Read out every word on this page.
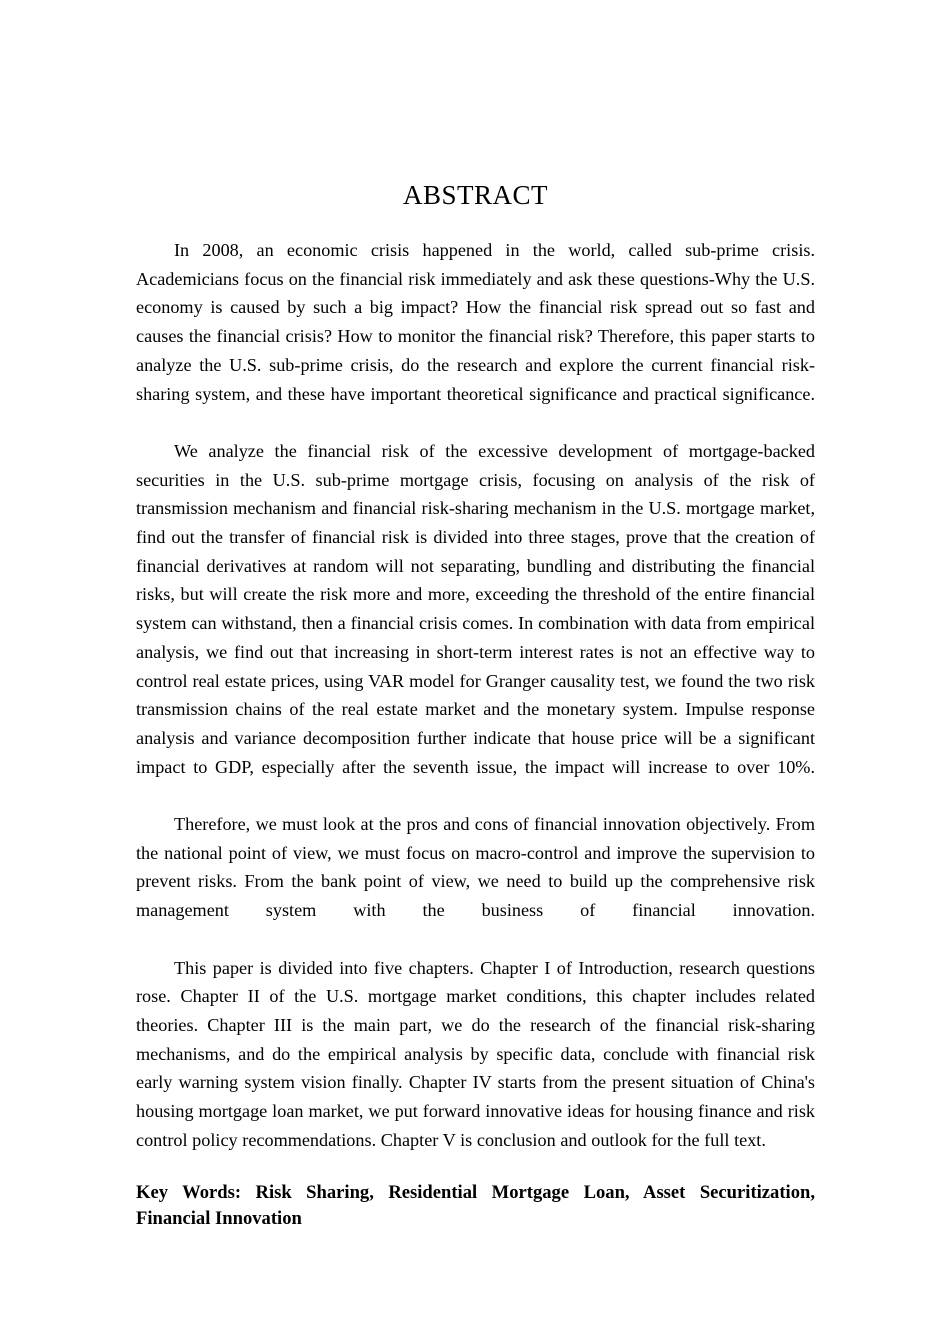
ABSTRACT

In 2008, an economic crisis happened in the world, called sub-prime crisis. Academicians focus on the financial risk immediately and ask these questions-Why the U.S. economy is caused by such a big impact? How the financial risk spread out so fast and causes the financial crisis? How to monitor the financial risk? Therefore, this paper starts to analyze the U.S. sub-prime crisis, do the research and explore the current financial risk-sharing system, and these have important theoretical significance and practical significance.

We analyze the financial risk of the excessive development of mortgage-backed securities in the U.S. sub-prime mortgage crisis, focusing on analysis of the risk of transmission mechanism and financial risk-sharing mechanism in the U.S. mortgage market, find out the transfer of financial risk is divided into three stages, prove that the creation of financial derivatives at random will not separating, bundling and distributing the financial risks, but will create the risk more and more, exceeding the threshold of the entire financial system can withstand, then a financial crisis comes. In combination with data from empirical analysis, we find out that increasing in short-term interest rates is not an effective way to control real estate prices, using VAR model for Granger causality test, we found the two risk transmission chains of the real estate market and the monetary system. Impulse response analysis and variance decomposition further indicate that house price will be a significant impact to GDP, especially after the seventh issue, the impact will increase to over 10%.

Therefore, we must look at the pros and cons of financial innovation objectively. From the national point of view, we must focus on macro-control and improve the supervision to prevent risks. From the bank point of view, we need to build up the comprehensive risk management system with the business of financial innovation.

This paper is divided into five chapters. Chapter I of Introduction, research questions rose. Chapter II of the U.S. mortgage market conditions, this chapter includes related theories. Chapter III is the main part, we do the research of the financial risk-sharing mechanisms, and do the empirical analysis by specific data, conclude with financial risk early warning system vision finally. Chapter IV starts from the present situation of China's housing mortgage loan market, we put forward innovative ideas for housing finance and risk control policy recommendations. Chapter V is conclusion and outlook for the full text.

Key Words: Risk Sharing, Residential Mortgage Loan, Asset Securitization, Financial Innovation
